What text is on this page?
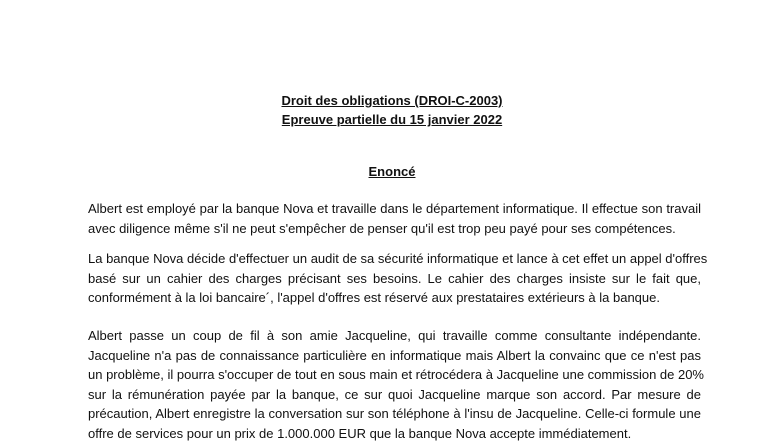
Droit des obligations (DROI-C-2003)
Epreuve partielle du 15 janvier 2022
Enoncé
Albert est employé par la banque Nova et travaille dans le département informatique. Il effectue son travail
avec diligence même s'il ne peut s'empêcher de penser qu'il est trop peu payé pour ses compétences.
La banque Nova décide d'effectuer un audit de sa sécurité informatique et lance à cet effet un appel d'offres
basé sur un cahier des charges précisant ses besoins. Le cahier des charges insiste sur le fait que,
conformément à la loi bancaire´, l'appel d'offres est réservé aux prestataires extérieurs à la banque.
Albert passe un coup de fil à son amie Jacqueline, qui travaille comme consultante indépendante.
Jacqueline n'a pas de connaissance particulière en informatique mais Albert la convainc que ce n'est pas
un problème, il pourra s'occuper de tout en sous main et rétrocédera à Jacqueline une commission de 20%
sur la rémunération payée par la banque, ce sur quoi Jacqueline marque son accord. Par mesure de
précaution, Albert enregistre la conversation sur son téléphone à l'insu de Jacqueline. Celle-ci formule une
offre de services pour un prix de 1.000.000 EUR que la banque Nova accepte immédiatement.
